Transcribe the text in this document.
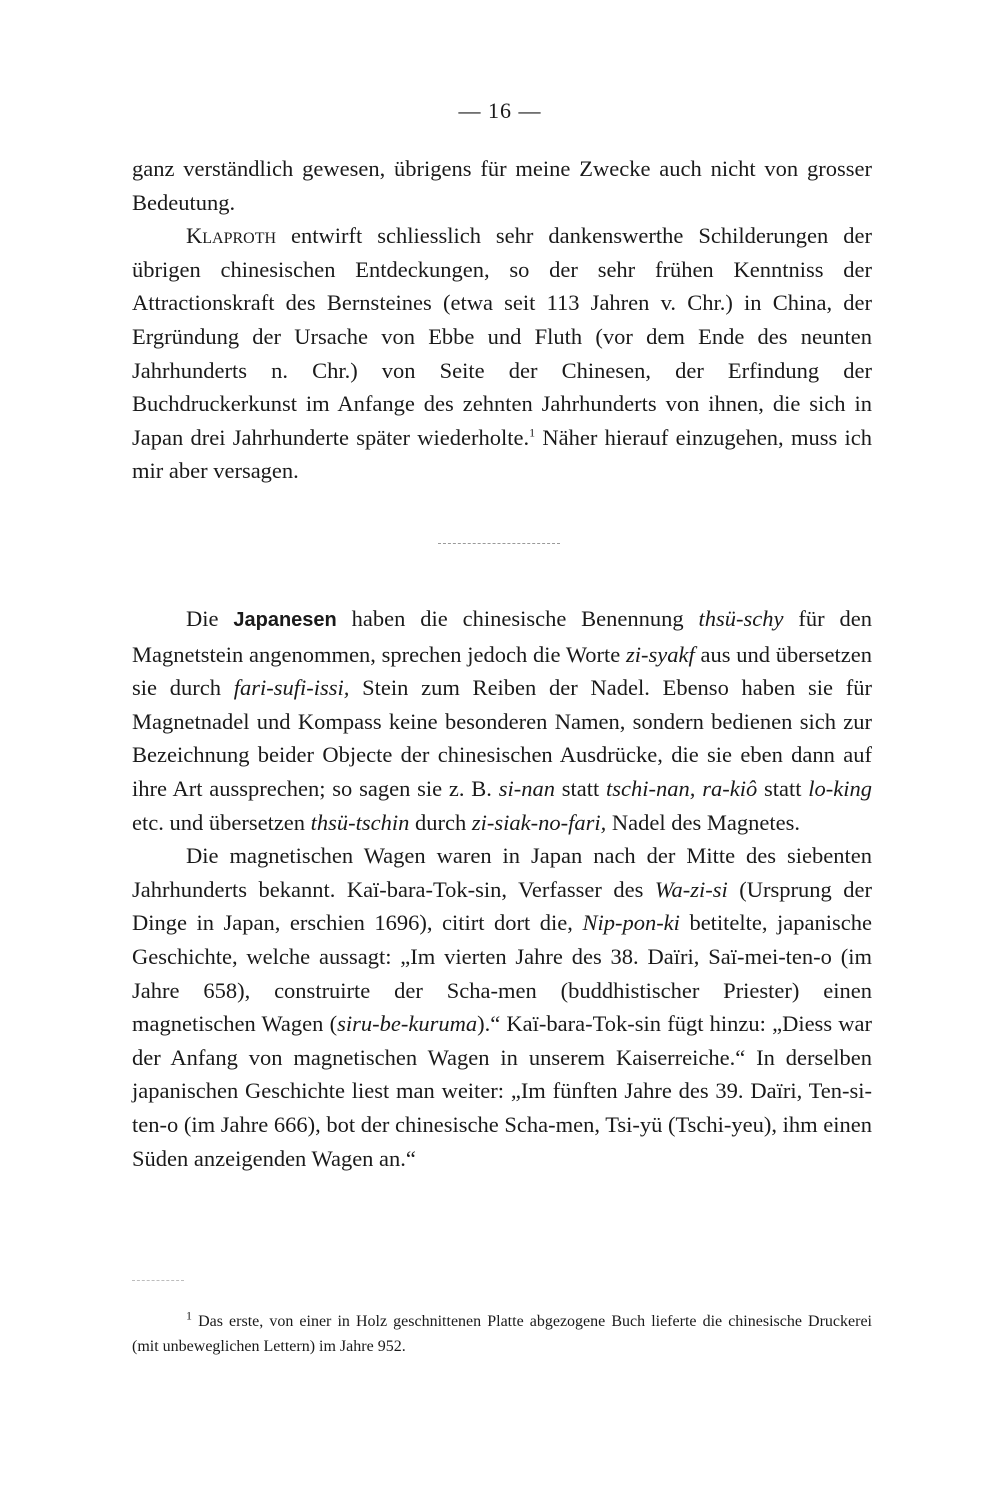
— 16 —

ganz verständlich gewesen, übrigens für meine Zwecke auch nicht von grosser Bedeutung.

Klaproth entwirft schliesslich sehr dankenswerthe Schilderungen der übrigen chinesischen Entdeckungen, so der sehr frühen Kenntniss der Attractionskraft des Bernsteines (etwa seit 113 Jahren v. Chr.) in China, der Ergründung der Ursache von Ebbe und Fluth (vor dem Ende des neunten Jahrhunderts n. Chr.) von Seite der Chinesen, der Erfindung der Buchdruckerkunst im Anfange des zehnten Jahrhunderts von ihnen, die sich in Japan drei Jahrhunderte später wiederholte.$^1$ Näher hierauf einzugehen, muss ich mir aber versagen.

Die Japanesen haben die chinesische Benennung thsü-schy für den Magnetstein angenommen, sprechen jedoch die Worte zi-syakf aus und übersetzen sie durch fari-sufi-issi, Stein zum Reiben der Nadel. Ebenso haben sie für Magnetnadel und Kompass keine besonderen Namen, sondern bedienen sich zur Bezeichnung beider Objecte der chinesischen Ausdrücke, die sie eben dann auf ihre Art aussprechen; so sagen sie z. B. si-nan statt tschi-nan, ra-kiô statt lo-king etc. und übersetzen thsü-tschin durch zi-siak-no-fari, Nadel des Magnetes.

Die magnetischen Wagen waren in Japan nach der Mitte des siebenten Jahrhunderts bekannt. Kaï-bara-Tok-sin, Verfasser des Wa-zi-si (Ursprung der Dinge in Japan, erschien 1696), citirt dort die, Nip-pon-ki betitelte, japanische Geschichte, welche aussagt: „Im vierten Jahre des 38. Daïri, Saï-mei-ten-o (im Jahre 658), construirte der Scha-men (buddhistischer Priester) einen magnetischen Wagen (siru-be-kuruma).“ Kaï-bara-Tok-sin fügt hinzu: „Diess war der Anfang von magnetischen Wagen in unserem Kaiserreiche.“ In derselben japanischen Geschichte liest man weiter: „Im fünften Jahre des 39. Daïri, Ten-si-ten-o (im Jahre 666), bot der chinesische Scha-men, Tsi-yü (Tschi-yeu), ihm einen Süden anzeigenden Wagen an.“

$^1$ Das erste, von einer in Holz geschnittenen Platte abgezogene Buch lieferte die chinesische Druckerei (mit unbeweglichen Lettern) im Jahre 952.
